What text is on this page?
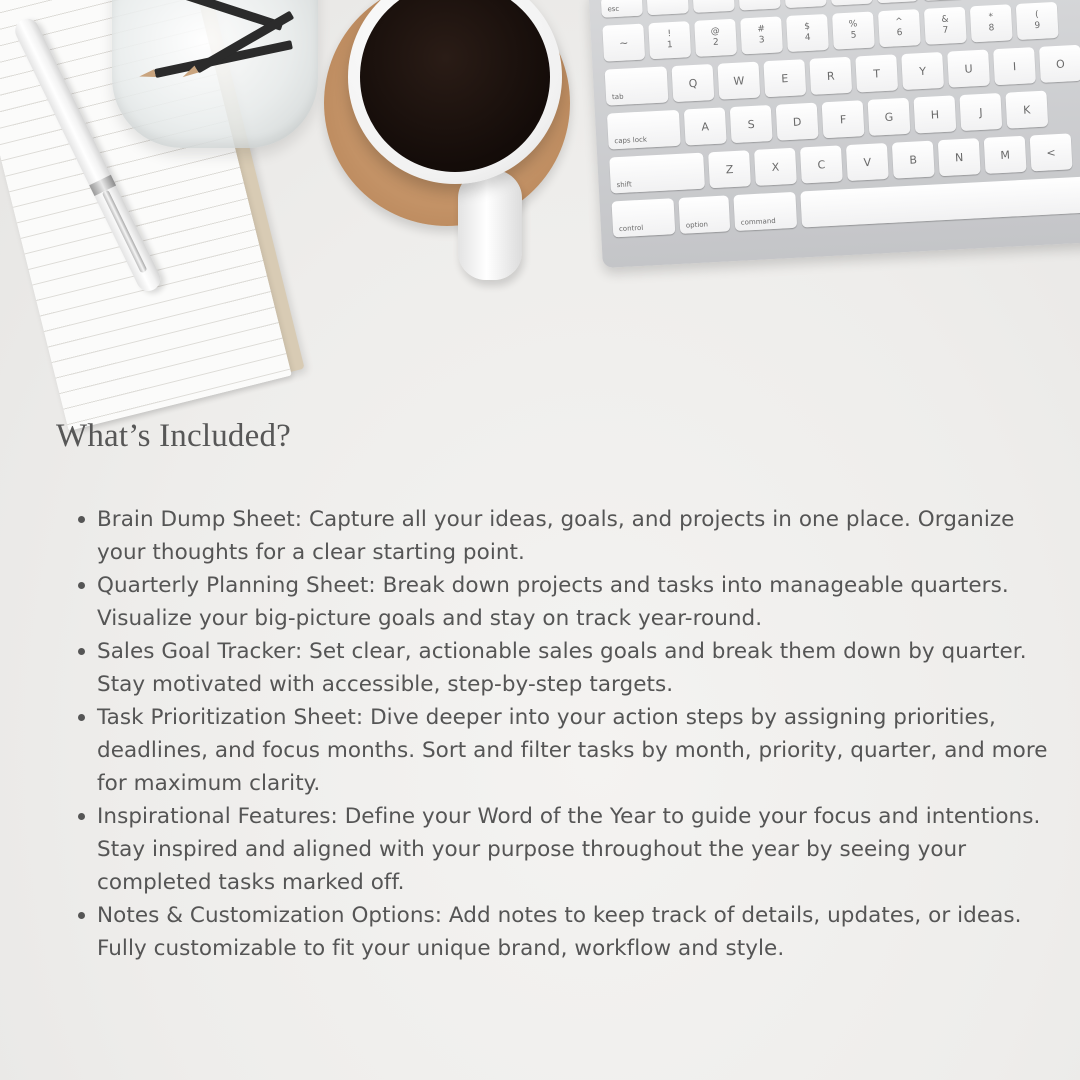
esc
~
!
1
@
2
#
3
$
4
%
5
^
6
&
7
*
8
(
9
tab
Q	W	E	R	T	Y	U	I	O
caps lock
A	S	D	F	G	H	J	K
shift
Z	X	C	V	B	N	M	<
control	option	command
What’s Included?
Brain Dump Sheet: Capture all your ideas, goals, and projects in one place. Organize your thoughts for a clear starting point.
Quarterly Planning Sheet: Break down projects and tasks into manageable quarters. Visualize your big-picture goals and stay on track year-round.
Sales Goal Tracker: Set clear, actionable sales goals and break them down by quarter. Stay motivated with accessible, step-by-step targets.
Task Prioritization Sheet: Dive deeper into your action steps by assigning priorities, deadlines, and focus months. Sort and filter tasks by month, priority, quarter, and more for maximum clarity.
Inspirational Features: Define your Word of the Year to guide your focus and intentions. Stay inspired and aligned with your purpose throughout the year by seeing your completed tasks marked off.
Notes & Customization Options: Add notes to keep track of details, updates, or ideas. Fully customizable to fit your unique brand, workflow and style.
